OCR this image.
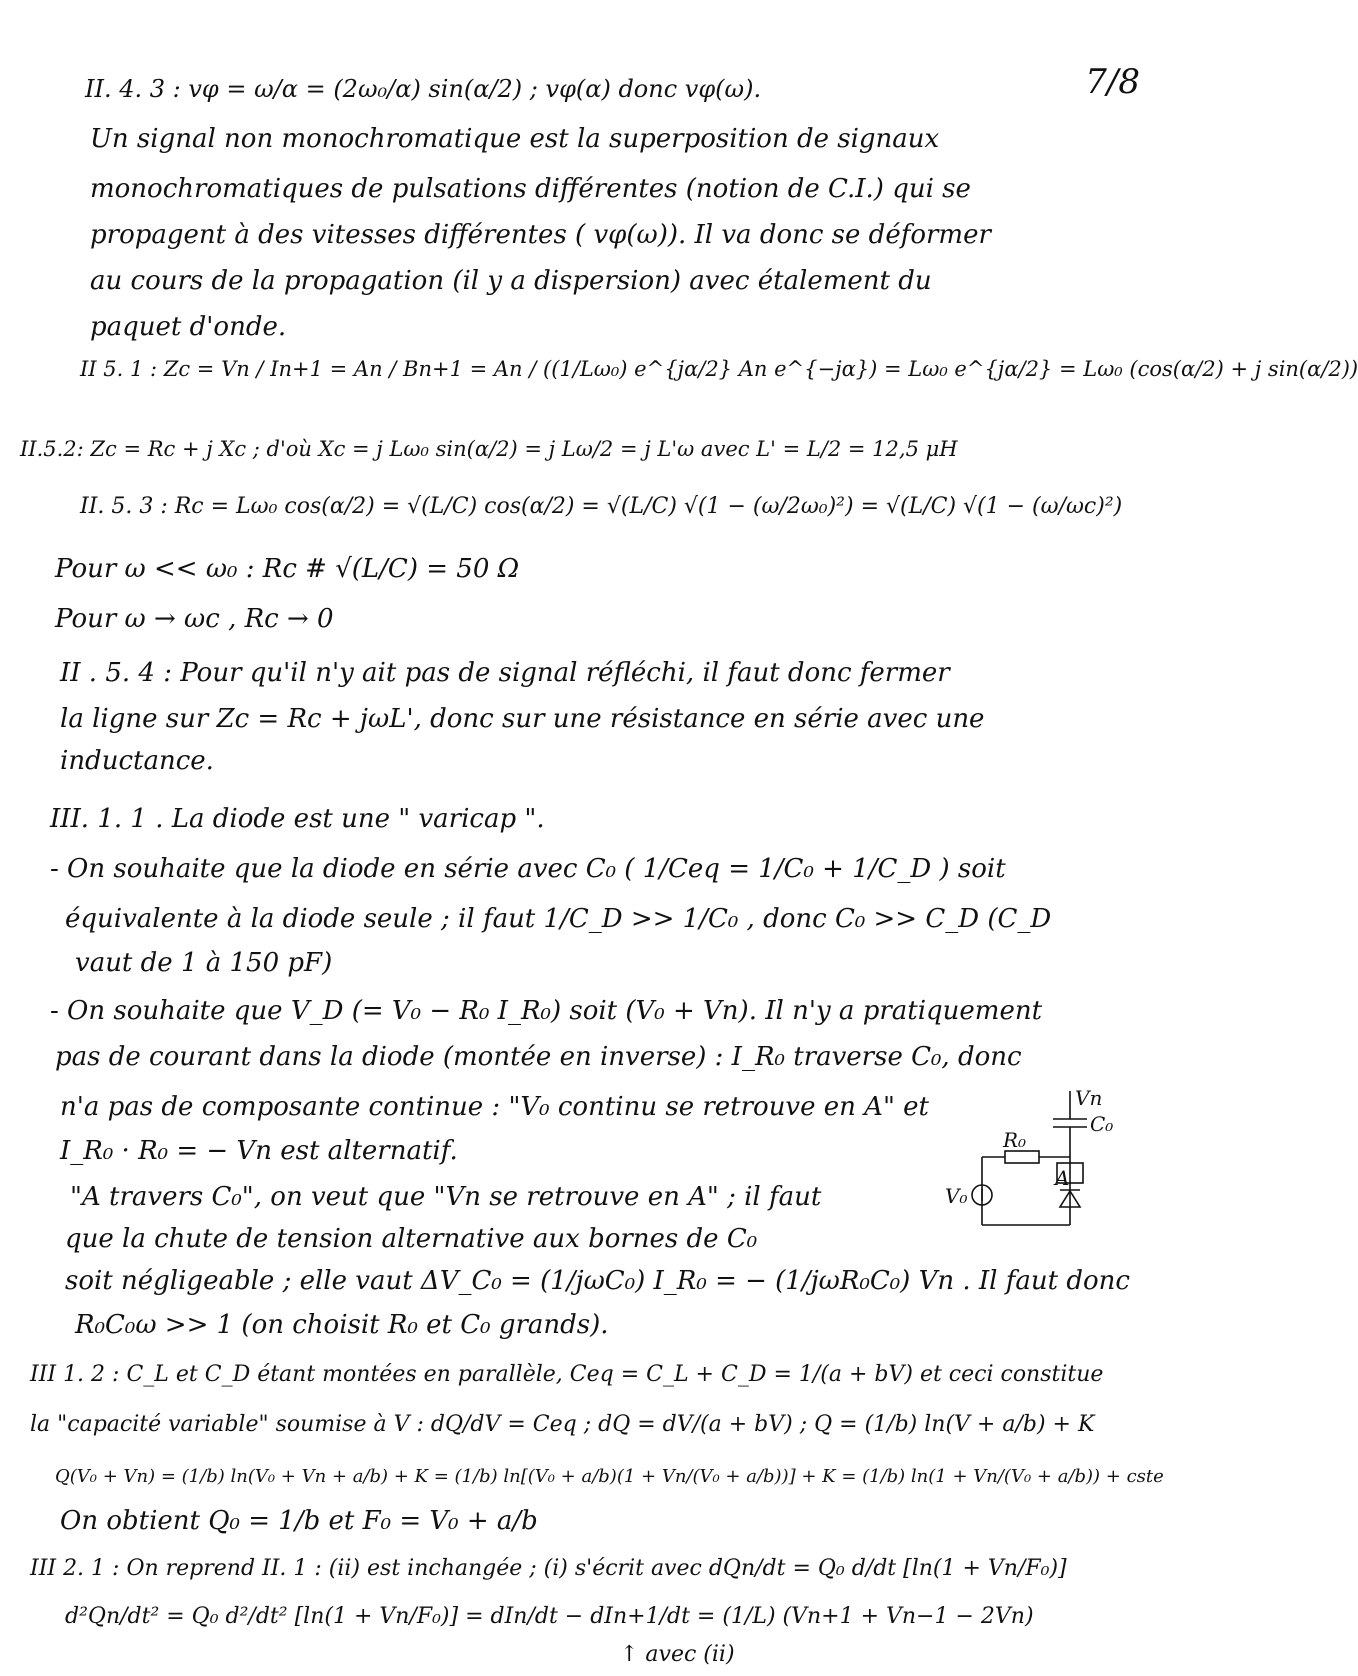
7/8
II. 4. 3 : vφ = ω/α = (2ω₀/α) sin(α/2) ; vφ(α) donc vφ(ω).
Un signal non monochromatique est la superposition de signaux
monochromatiques de pulsations différentes (notion de C.I.) qui se
propagent à des vitesses différentes ( vφ(ω)). Il va donc se déformer
au cours de la propagation (il y a dispersion) avec étalement du
paquet d'onde.
II 5. 1 : Zc = Vn / In+1 = An / Bn+1 = An / ((1/Lω₀) e^{jα/2} An e^{−jα}) = Lω₀ e^{jα/2} = Lω₀ (cos(α/2) + j sin(α/2))
II.5.2: Zc = Rc + j Xc ; d'où Xc = j Lω₀ sin(α/2) = j Lω/2 = j L'ω avec L' = L/2 = 12,5 μH
II. 5. 3 : Rc = Lω₀ cos(α/2) = √(L/C) cos(α/2) = √(L/C) √(1 − (ω/2ω₀)²) = √(L/C) √(1 − (ω/ωc)²)
Pour ω << ω₀ : Rc # √(L/C) = 50 Ω
Pour ω → ωc , Rc → 0
II . 5. 4 : Pour qu'il n'y ait pas de signal réfléchi, il faut donc fermer
la ligne sur Zc = Rc + jωL', donc sur une résistance en série avec une
inductance.
III. 1. 1 . La diode est une " varicap ".
- On souhaite que la diode en série avec C₀ ( 1/Ceq = 1/C₀ + 1/C_D ) soit
équivalente à la diode seule ; il faut 1/C_D >> 1/C₀ , donc C₀ >> C_D (C_D
vaut de 1 à 150 pF)
- On souhaite que V_D (= V₀ − R₀ I_R₀) soit (V₀ + Vn). Il n'y a pratiquement
pas de courant dans la diode (montée en inverse) : I_R₀ traverse C₀, donc
n'a pas de composante continue : "V₀ continu se retrouve en A" et
I_R₀ · R₀ = − Vn est alternatif.
"A travers C₀", on veut que "Vn se retrouve en A" ; il faut
que la chute de tension alternative aux bornes de C₀
soit négligeable ; elle vaut ΔV_C₀ = (1/jωC₀) I_R₀ = − (1/jωR₀C₀) Vn . Il faut donc
R₀C₀ω >> 1 (on choisit R₀ et C₀ grands).
III 1. 2 : C_L et C_D étant montées en parallèle, Ceq = C_L + C_D = 1/(a + bV) et ceci constitue
la "capacité variable" soumise à V : dQ/dV = Ceq ; dQ = dV/(a + bV) ; Q = (1/b) ln(V + a/b) + K
Q(V₀ + Vn) = (1/b) ln(V₀ + Vn + a/b) + K = (1/b) ln[(V₀ + a/b)(1 + Vn/(V₀ + a/b))] + K = (1/b) ln(1 + Vn/(V₀ + a/b)) + cste
On obtient Q₀ = 1/b et F₀ = V₀ + a/b
III 2. 1 : On reprend II. 1 : (ii) est inchangée ; (i) s'écrit avec dQn/dt = Q₀ d/dt [ln(1 + Vn/F₀)]
d²Qn/dt² = Q₀ d²/dt² [ln(1 + Vn/F₀)] = dIn/dt − dIn+1/dt = (1/L) (Vn+1 + Vn−1 − 2Vn)
↑ avec (ii)
Vn
C₀
R₀
A
V₀
